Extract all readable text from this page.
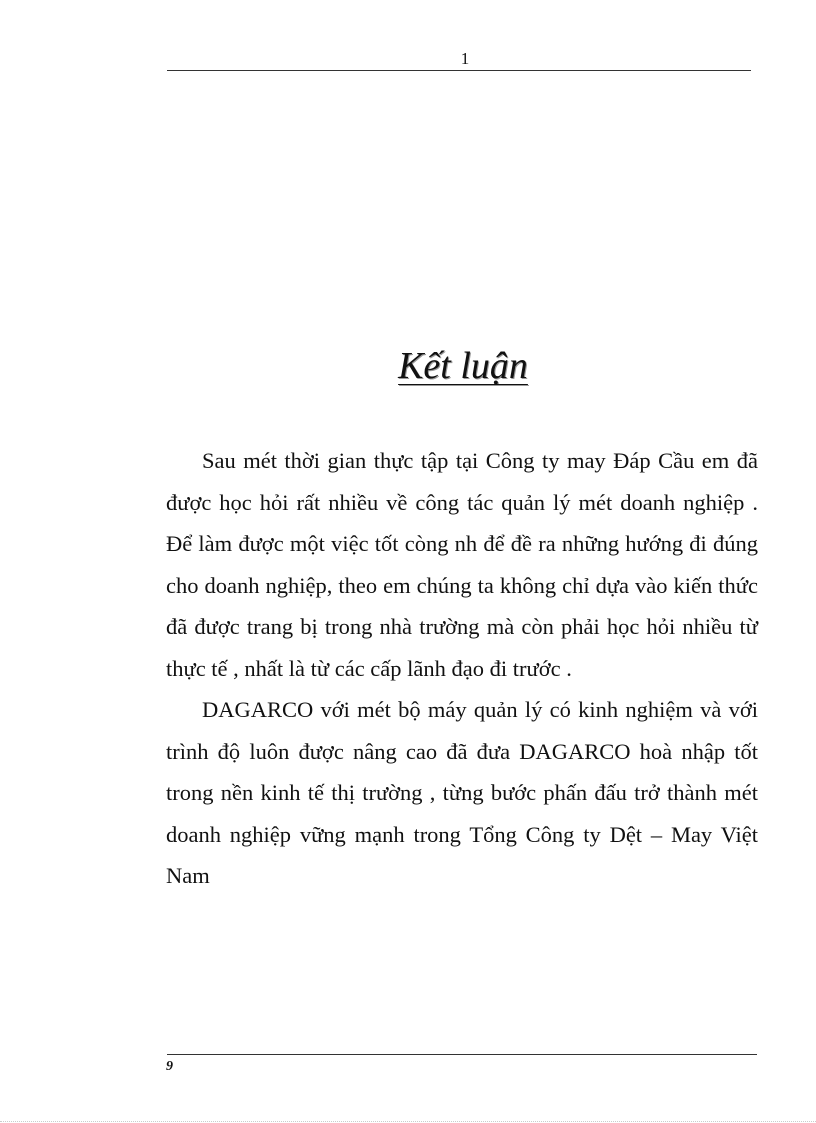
1
Kết luận

Sau mét thời gian thực tập tại Công ty may Đáp Cầu em đã được học hỏi rất nhiều về công tác quản lý mét doanh nghiệp . Để làm được một việc tốt còng nh để đề ra những hướng đi đúng cho doanh nghiệp, theo em chúng ta không chỉ dựa vào kiến thức đã được trang bị trong nhà trường mà còn phải học hỏi nhiều từ thực tế , nhất là từ các cấp lãnh đạo đi trước .

DAGARCO với mét bộ máy quản lý có kinh nghiệm và với trình độ luôn được nâng cao đã đưa DAGARCO hoà nhập tốt trong nền kinh tế thị trường , từng bước phấn đấu trở thành mét doanh nghiệp vững mạnh trong Tổng Công ty Dệt – May Việt Nam

9
